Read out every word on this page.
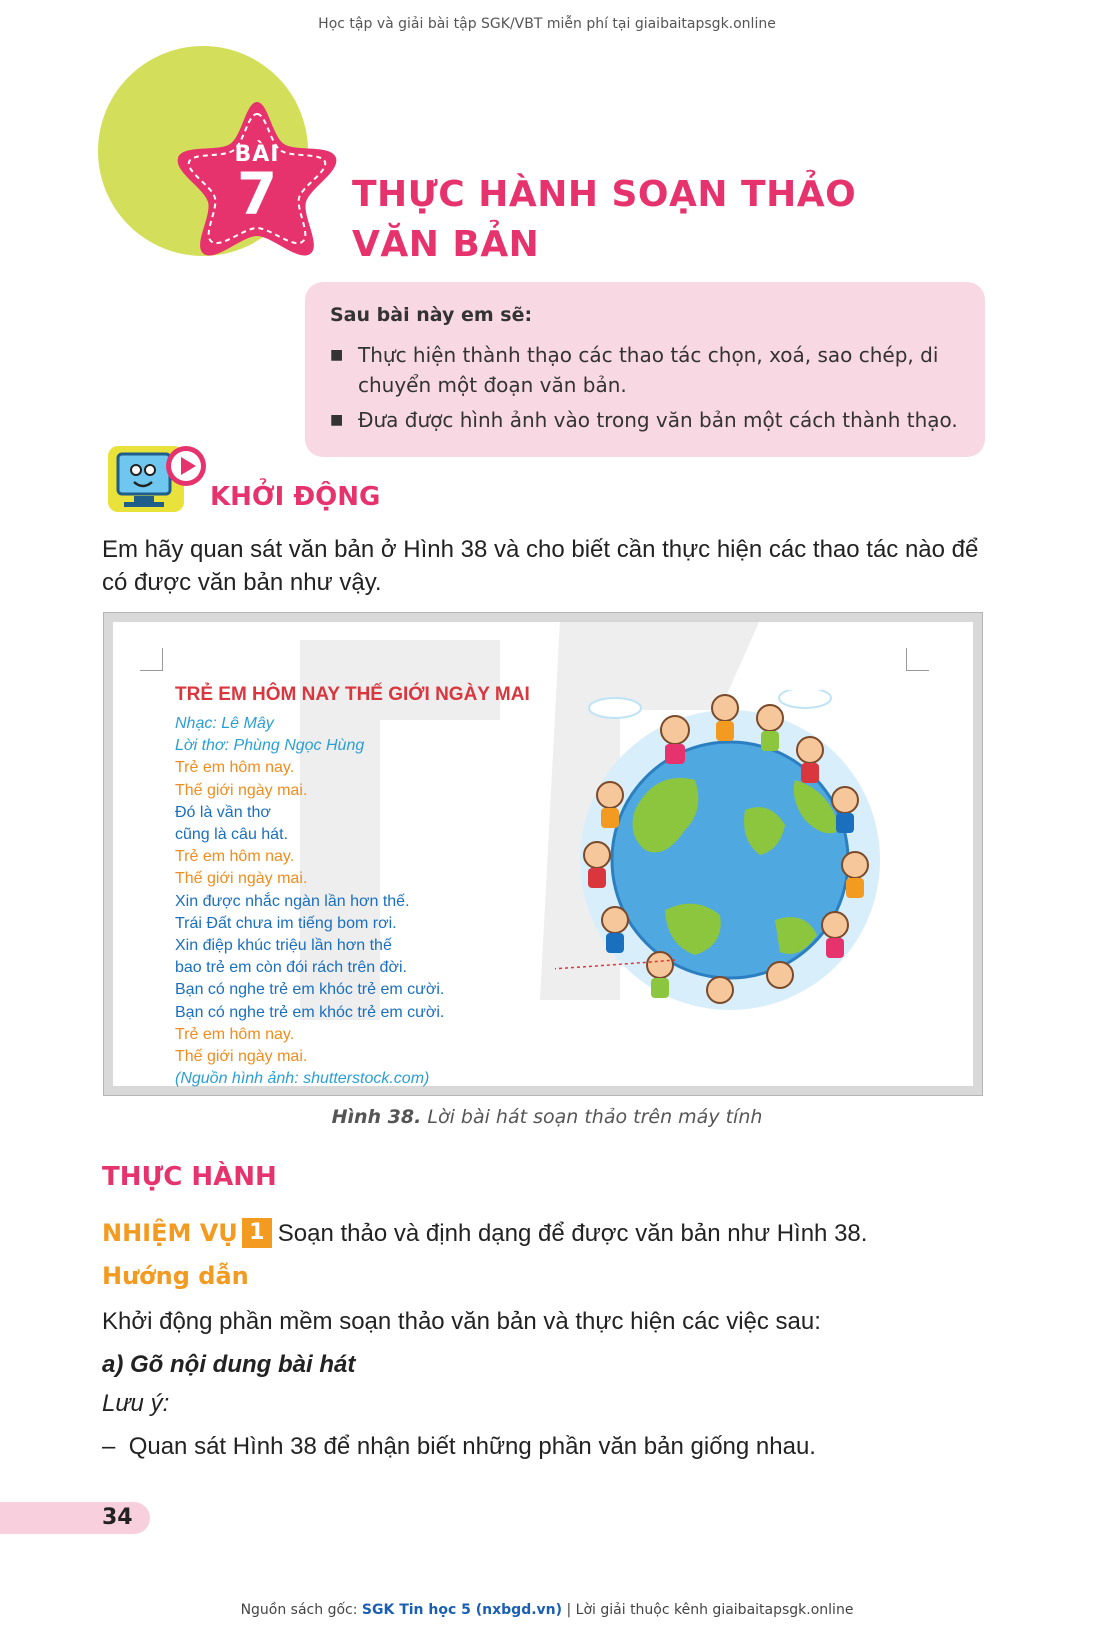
Học tập và giải bài tập SGK/VBT miễn phí tại giaibaitapsgk.online
BÀI
7	THỰC HÀNH SOẠN THẢO
VĂN BẢN
Sau bài này em sẽ:
■ Thực hiện thành thạo các thao tác chọn, xoá, sao chép, di chuyển một đoạn văn bản.
■ Đưa được hình ảnh vào trong văn bản một cách thành thạo.
KHỞI ĐỘNG
Em hãy quan sát văn bản ở Hình 38 và cho biết cần thực hiện các thao tác nào để có được văn bản như vậy.
TRẺ EM HÔM NAY THẾ GIỚI NGÀY MAI
Nhạc: Lê Mây
Lời thơ: Phùng Ngọc Hùng
Trẻ em hôm nay.
Thế giới ngày mai.
Đó là vần thơ
cũng là câu hát.
Trẻ em hôm nay.
Thế giới ngày mai.
Xin được nhắc ngàn lần hơn thế.
Trái Đất chưa im tiếng bom rơi.
Xin điệp khúc triệu lần hơn thế
bao trẻ em còn đói rách trên đời.
Bạn có nghe trẻ em khóc trẻ em cười.
Bạn có nghe trẻ em khóc trẻ em cười.
Trẻ em hôm nay.
Thế giới ngày mai.
(Nguồn hình ảnh: shutterstock.com)
Hình 38. Lời bài hát soạn thảo trên máy tính
THỰC HÀNH
NHIỆM VỤ 1 Soạn thảo và định dạng để được văn bản như Hình 38.
Hướng dẫn
Khởi động phần mềm soạn thảo văn bản và thực hiện các việc sau:
a) Gõ nội dung bài hát
Lưu ý:
–  Quan sát Hình 38 để nhận biết những phần văn bản giống nhau.
34
Nguồn sách gốc: SGK Tin học 5 (nxbgd.vn) | Lời giải thuộc kênh giaibaitapsgk.online
